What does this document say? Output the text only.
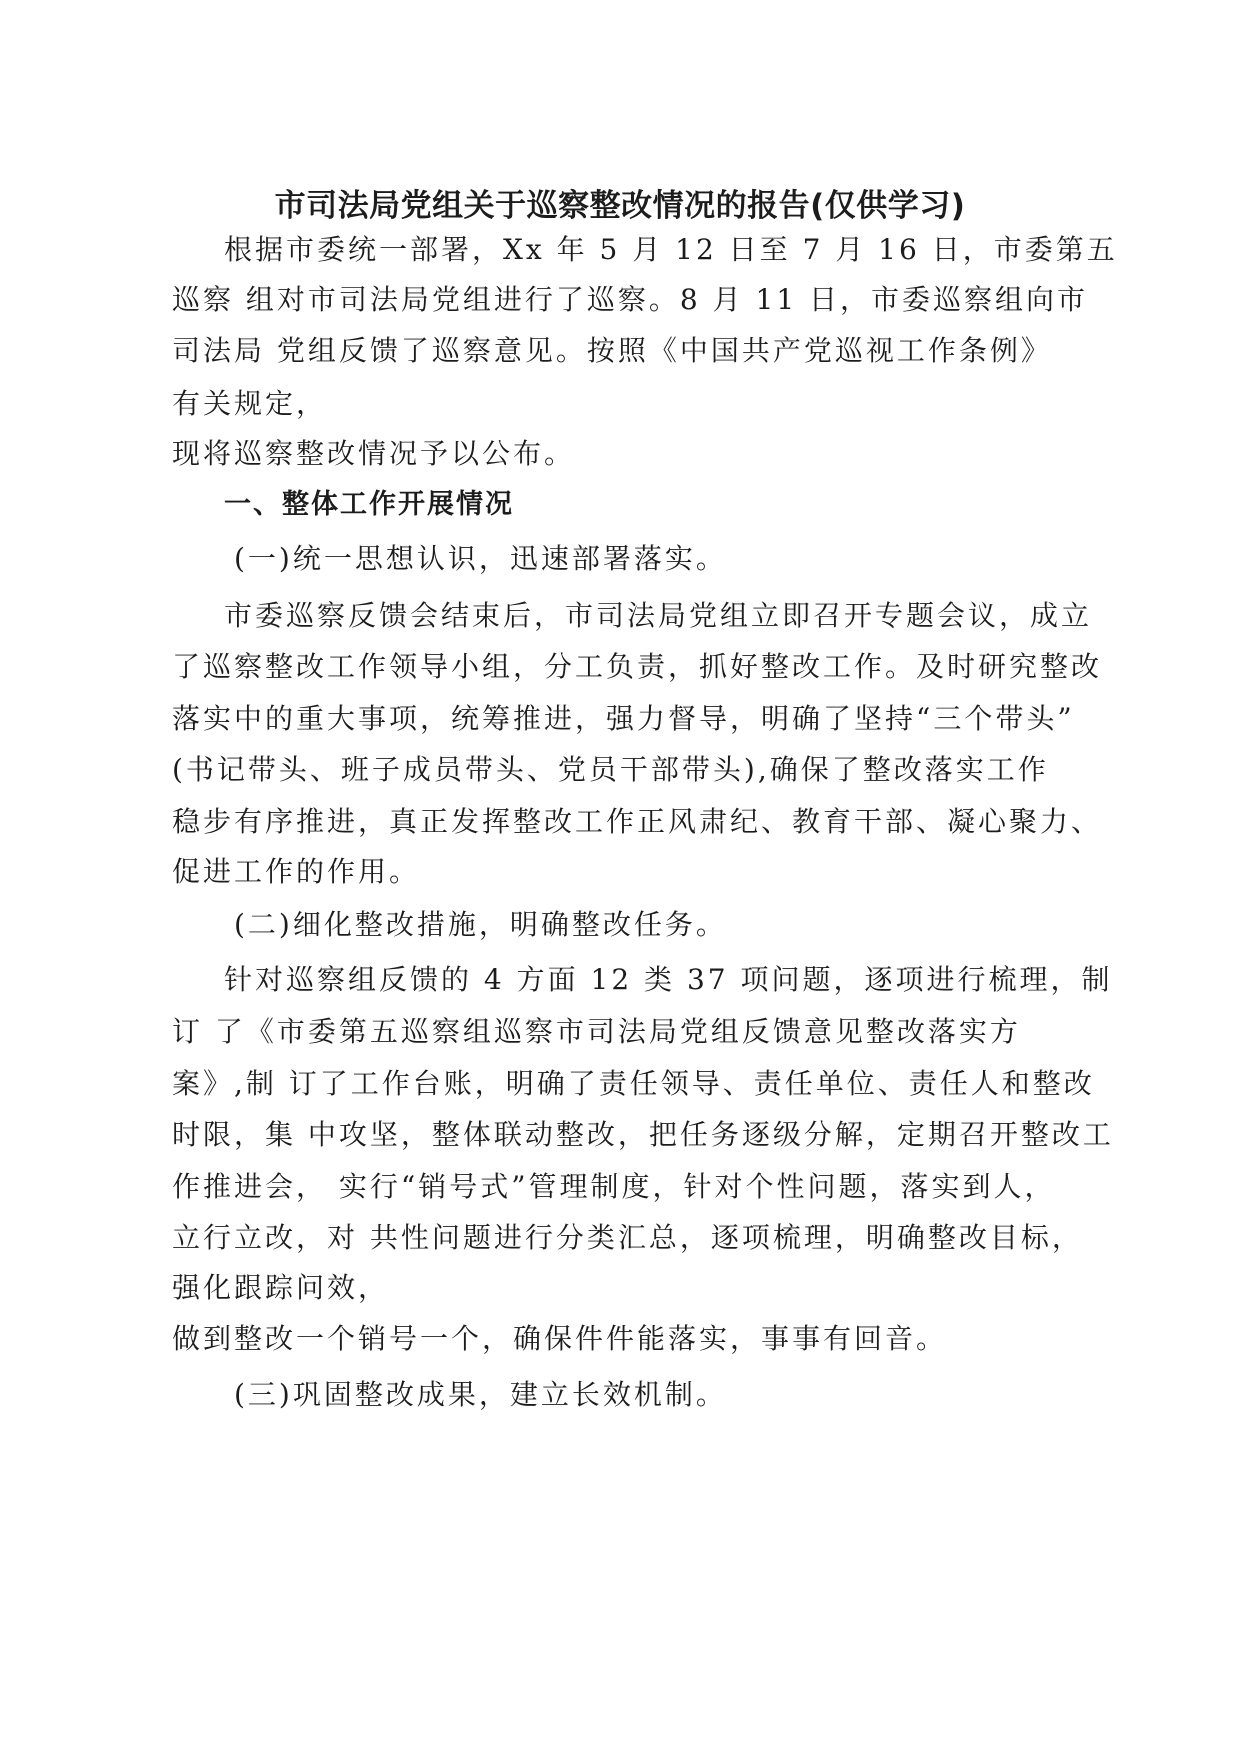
市司法局党组关于巡察整改情况的报告(仅供学习)
根据市委统一部署，Xx 年 5 月 12 日至 7 月 16 日，市委第五
巡察 组对市司法局党组进行了巡察。8 月 11 日，市委巡察组向市
司法局 党组反馈了巡察意见。按照《中国共产党巡视工作条例》
有关规定，
现将巡察整改情况予以公布。
一、整体工作开展情况
(一)统一思想认识，迅速部署落实。
市委巡察反馈会结束后，市司法局党组立即召开专题会议，成立
了巡察整改工作领导小组，分工负责，抓好整改工作。及时研究整改
落实中的重大事项，统筹推进，强力督导，明确了坚持“三个带头”
(书记带头、班子成员带头、党员干部带头),确保了整改落实工作
稳步有序推进，真正发挥整改工作正风肃纪、教育干部、凝心聚力、
促进工作的作用。
(二)细化整改措施，明确整改任务。
针对巡察组反馈的 4 方面 12 类 37 项问题，逐项进行梳理，制
订 了《市委第五巡察组巡察市司法局党组反馈意见整改落实方
案》,制 订了工作台账，明确了责任领导、责任单位、责任人和整改
时限，集 中攻坚，整体联动整改，把任务逐级分解，定期召开整改工
作推进会， 实行“销号式”管理制度，针对个性问题，落实到人，
立行立改，对 共性问题进行分类汇总，逐项梳理，明确整改目标，
强化跟踪问效，
做到整改一个销号一个，确保件件能落实，事事有回音。
(三)巩固整改成果，建立长效机制。
